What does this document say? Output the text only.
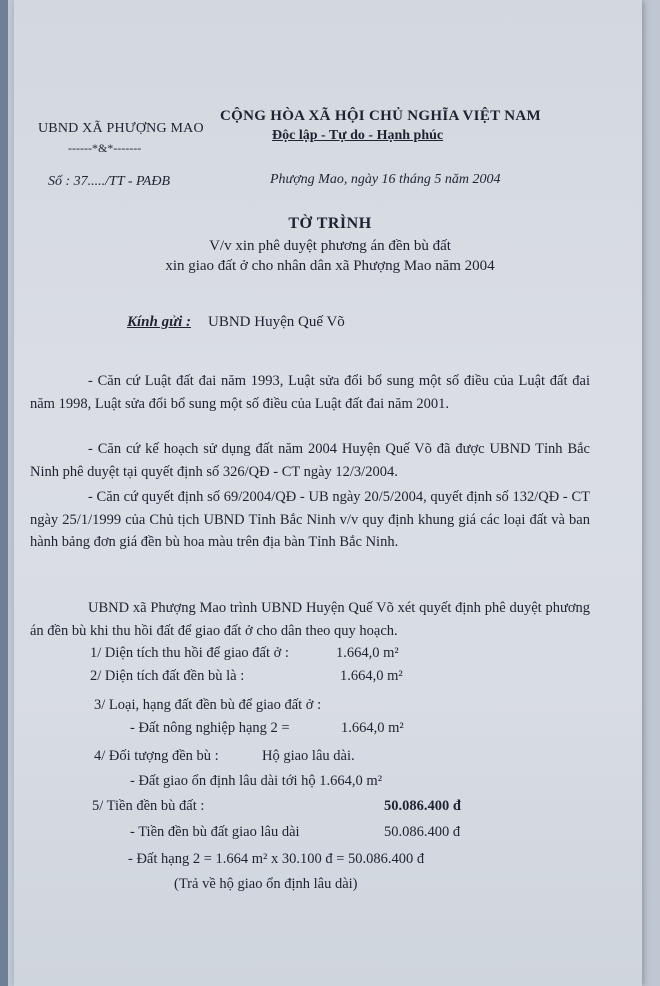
UBND XÃ PHƯỢNG MAO
------*&*-------
CỘNG HÒA XÃ HỘI CHỦ NGHĨA VIỆT NAM
Độc lập - Tự do - Hạnh phúc
Số : 37...../TT - PAĐB	Phượng Mao, ngày 16 tháng 5 năm 2004
TỜ TRÌNH
V/v xin phê duyệt phương án đền bù đất
xin giao đất ở cho nhân dân xã Phượng Mao năm 2004
Kính gửi : UBND Huyện Quế Võ
- Căn cứ Luật đất đai năm 1993, Luật sửa đổi bổ sung một số điều của Luật đất đai năm 1998, Luật sửa đổi bổ sung một số điều của Luật đất đai năm 2001.
- Căn cứ kế hoạch sử dụng đất năm 2004 Huyện Quế Võ đã được UBND Tỉnh Bắc Ninh phê duyệt tại quyết định số 326/QĐ - CT ngày 12/3/2004.
- Căn cứ quyết định số 69/2004/QĐ - UB ngày 20/5/2004, quyết định số 132/QĐ - CT ngày 25/1/1999 của Chủ tịch UBND Tỉnh Bắc Ninh v/v quy định khung giá các loại đất và ban hành bảng đơn giá đền bù hoa màu trên địa bàn Tỉnh Bắc Ninh.
UBND xã Phượng Mao trình UBND Huyện Quế Võ xét quyết định phê duyệt phương án đền bù khi thu hồi đất để giao đất ở cho dân theo quy hoạch.
1/ Diện tích thu hồi để giao đất ở :	1.664,0 m²
2/ Diện tích đất đền bù là :	1.664,0 m²
3/ Loại, hạng đất đền bù để giao đất ở :
- Đất nông nghiệp hạng 2 =	1.664,0 m²
4/ Đối tượng đền bù :	Hộ giao lâu dài.
- Đất giao ổn định lâu dài tới hộ 1.664,0 m²
5/ Tiền đền bù đất :	50.086.400 đ
- Tiền đền bù đất giao lâu dài	50.086.400 đ
- Đất hạng 2 = 1.664 m² x 30.100 đ = 50.086.400 đ
(Trả về hộ giao ổn định lâu dài)
